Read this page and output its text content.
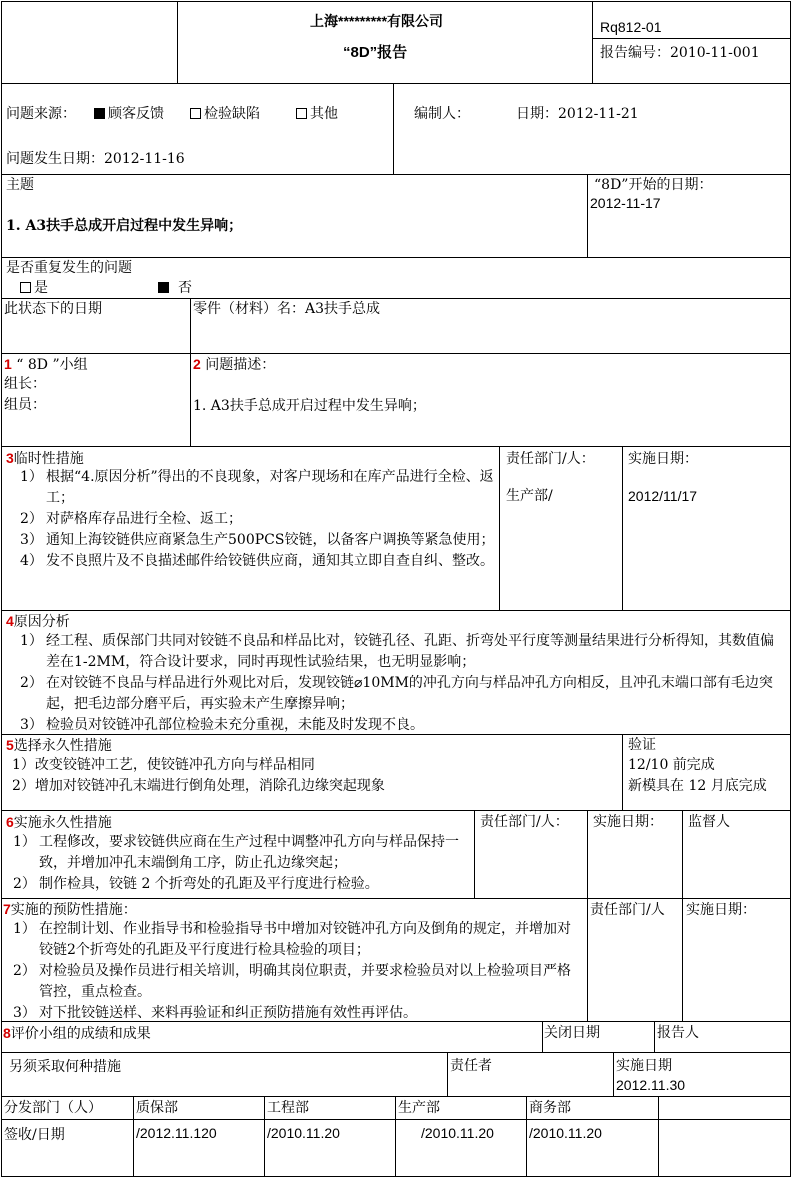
上海*********有限公司
“8D”报告
Rq812-01
报告编号：2010-11-001
问题来源：	顾客反馈	检验缺陷	其他
问题发生日期：2012-11-16
编制人：	日期：2012-11-21
主题
1. A3扶手总成开启过程中发生异响；
“8D”开始的日期：
2012-11-17
是否重复发生的问题
是	否
此状态下的日期	零件（材料）名：A3扶手总成
1 “ 8D ”小组
组长：
组员：
2 问题描述：
1. A3扶手总成开启过程中发生异响；
3临时性措施
1） 根据“4.原因分析”得出的不良现象，对客户现场和在库产品进行全检、返工；
2） 对萨格库存品进行全检、返工；
3） 通知上海铰链供应商紧急生产500PCS铰链，以备客户调换等紧急使用；
4） 发不良照片及不良描述邮件给铰链供应商，通知其立即自查自纠、整改。
责任部门/人：
生产部/
实施日期：
2012/11/17
4原因分析
1） 经工程、质保部门共同对铰链不良品和样品比对，铰链孔径、孔距、折弯处平行度等测量结果进行分析得知，其数值偏差在1-2MM，符合设计要求，同时再现性试验结果，也无明显影响；
2） 在对铰链不良品与样品进行外观比对后，发现铰链⌀10MM的冲孔方向与样品冲孔方向相反，且冲孔末端口部有毛边突起，把毛边部分磨平后，再实验未产生摩擦异响；
3） 检验员对铰链冲孔部位检验未充分重视，未能及时发现不良。
5选择永久性措施
1）改变铰链冲工艺，使铰链冲孔方向与样品相同
2）增加对铰链冲孔末端进行倒角处理，消除孔边缘突起现象
验证
12/10 前完成
新模具在 12 月底完成
6实施永久性措施
1） 工程修改，要求铰链供应商在生产过程中调整冲孔方向与样品保持一致，并增加冲孔末端倒角工序，防止孔边缘突起；
2） 制作检具，铰链 2 个折弯处的孔距及平行度进行检验。
责任部门/人： 实施日期： 监督人
7实施的预防性措施：
1） 在控制计划、作业指导书和检验指导书中增加对铰链冲孔方向及倒角的规定，并增加对铰链2个折弯处的孔距及平行度进行检具检验的项目；
2） 对检验员及操作员进行相关培训，明确其岗位职责，并要求检验员对以上检验项目严格管控，重点检查。
3） 对下批铰链送样、来料再验证和纠正预防措施有效性再评估。
责任部门/人 实施日期：
8评价小组的成绩和成果	关闭日期	报告人
另须采取何种措施	责任者	实施日期
2012.11.30
分发部门（人） 质保部	工程部	生产部	商务部
签收/日期	/2012.11.120	/2010.11.20	/2010.11.20	/2010.11.20
